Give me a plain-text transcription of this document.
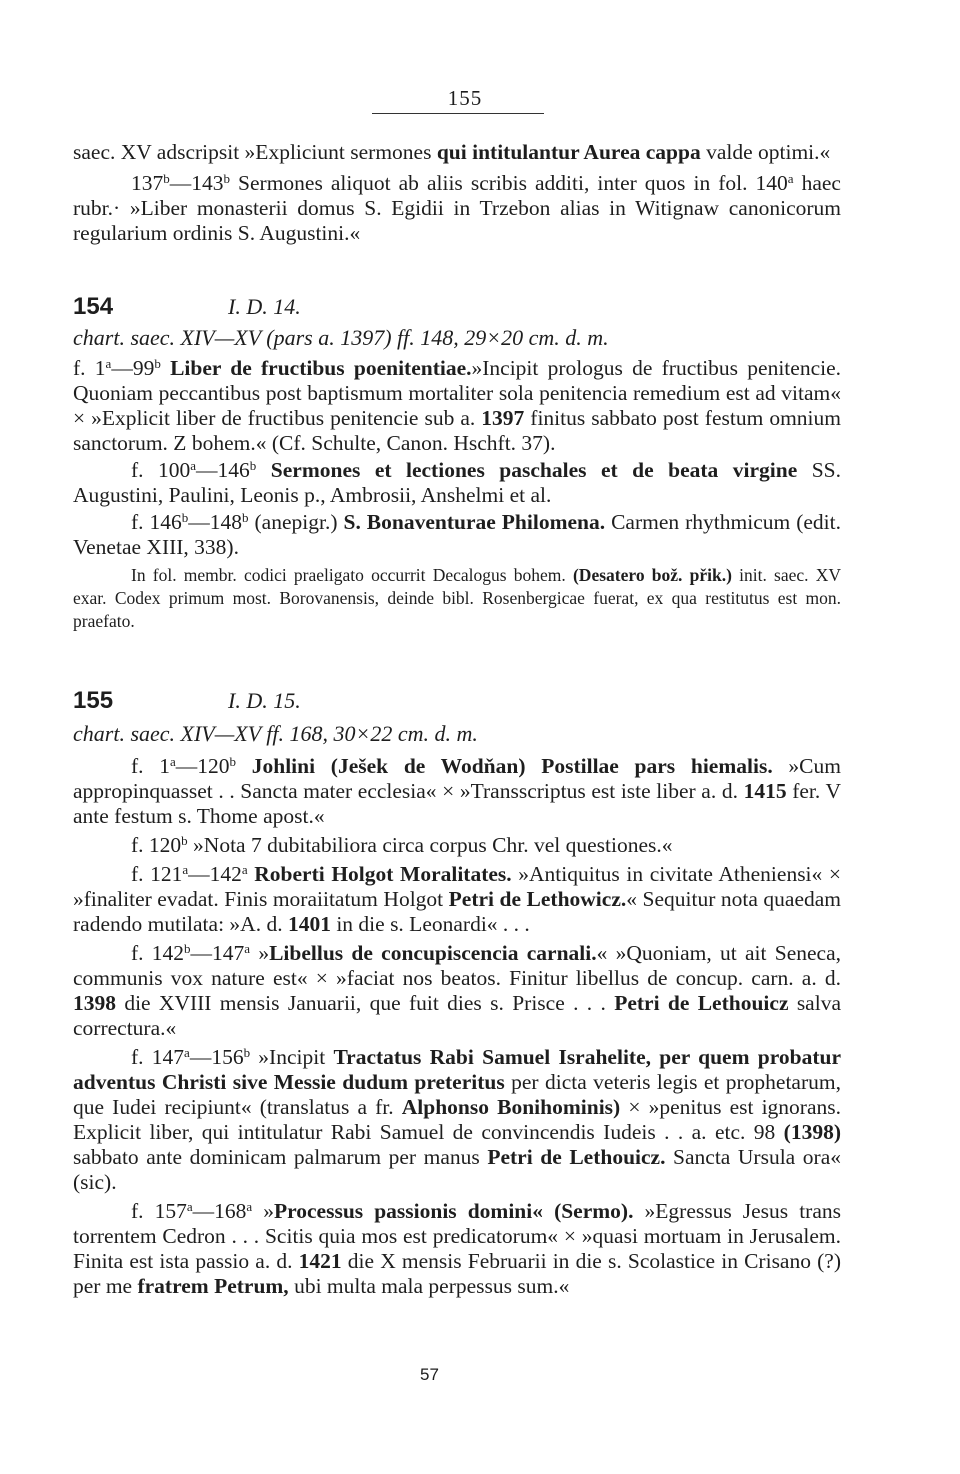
155

saec. XV adscripsit »Expliciunt sermones qui intitulantur Aurea cappa valde optimi.«

137$^b$—143$^b$ Sermones aliquot ab aliis scribis additi, inter quos in fol. 140$^a$ haec rubr.· »Liber monasterii domus S. Egidii in Trzebon alias in Witignaw canonicorum regularium ordinis S. Augustini.«

154	I. D. 14.

chart. saec. XIV—XV (pars a. 1397) ff. 148, 29×20 cm. d. m.

f. 1$^a$—99$^b$ Liber de fructibus poenitentiae.»Incipit prologus de fructibus penitencie. Quoniam peccantibus post baptismum mortaliter sola penitencia remedium est ad vitam« × »Explicit liber de fructibus penitencie sub a. 1397 finitus sabbato post festum omnium sanctorum. Z bohem.« (Cf. Schulte, Canon. Hschft. 37).

f. 100$^a$—146$^b$ Sermones et lectiones paschales et de beata virgine SS. Augustini, Paulini, Leonis p., Ambrosii, Anshelmi et al.

f. 146$^b$—148$^b$ (anepigr.) S. Bonaventurae Philomena. Carmen rhythmicum (edit. Venetae XIII, 338).

In fol. membr. codici praeligato occurrit Decalogus bohem. (Desatero bož. přik.) init. saec. XV exar. Codex primum most. Borovanensis, deinde bibl. Rosenbergicae fuerat, ex qua restitutus est mon. praefato.

155	I. D. 15.

chart. saec. XIV—XV ff. 168, 30×22 cm. d. m.

f. 1$^a$—120$^b$ Johlini (Ješek de Wodňan) Postillae pars hiemalis. »Cum appropinquasset . . Sancta mater ecclesia« × »Transscriptus est iste liber a. d. 1415 fer. V ante festum s. Thome apost.«

f. 120$^b$ »Nota 7 dubitabiliora circa corpus Chr. vel questiones.«

f. 121$^a$—142$^a$ Roberti Holgot Moralitates. »Antiquitus in civitate Atheniensi« × »finaliter evadat. Finis moraiitatum Holgot Petri de Lethowicz.« Sequitur nota quaedam radendo mutilata: »A. d. 1401 in die s. Leonardi« . . .

f. 142$^b$—147$^a$ »Libellus de concupiscencia carnali.« »Quoniam, ut ait Seneca, communis vox nature est« × »faciat nos beatos. Finitur libellus de concup. carn. a. d. 1398 die XVIII mensis Januarii, que fuit dies s. Prisce . . . Petri de Lethouicz salva correctura.«

f. 147$^a$—156$^b$ »Incipit Tractatus Rabi Samuel Israhelite, per quem probatur adventus Christi sive Messie dudum preteritus per dicta veteris legis et prophetarum, que Iudei recipiunt« (translatus a fr. Alphonso Bonihominis) × »penitus est ignorans. Explicit liber, qui intitulatur Rabi Samuel de convincendis Iudeis . . a. etc. 98 (1398) sabbato ante dominicam palmarum per manus Petri de Lethouicz. Sancta Ursula ora« (sic).

f. 157$^a$—168$^a$ »Processus passionis domini« (Sermo). »Egressus Jesus trans torrentem Cedron . . . Scitis quia mos est predicatorum« × »quasi mortuam in Jerusalem. Finita est ista passio a. d. 1421 die X mensis Februarii in die s. Scolastice in Crisano (?) per me fratrem Petrum, ubi multa mala perpessus sum.«

57
